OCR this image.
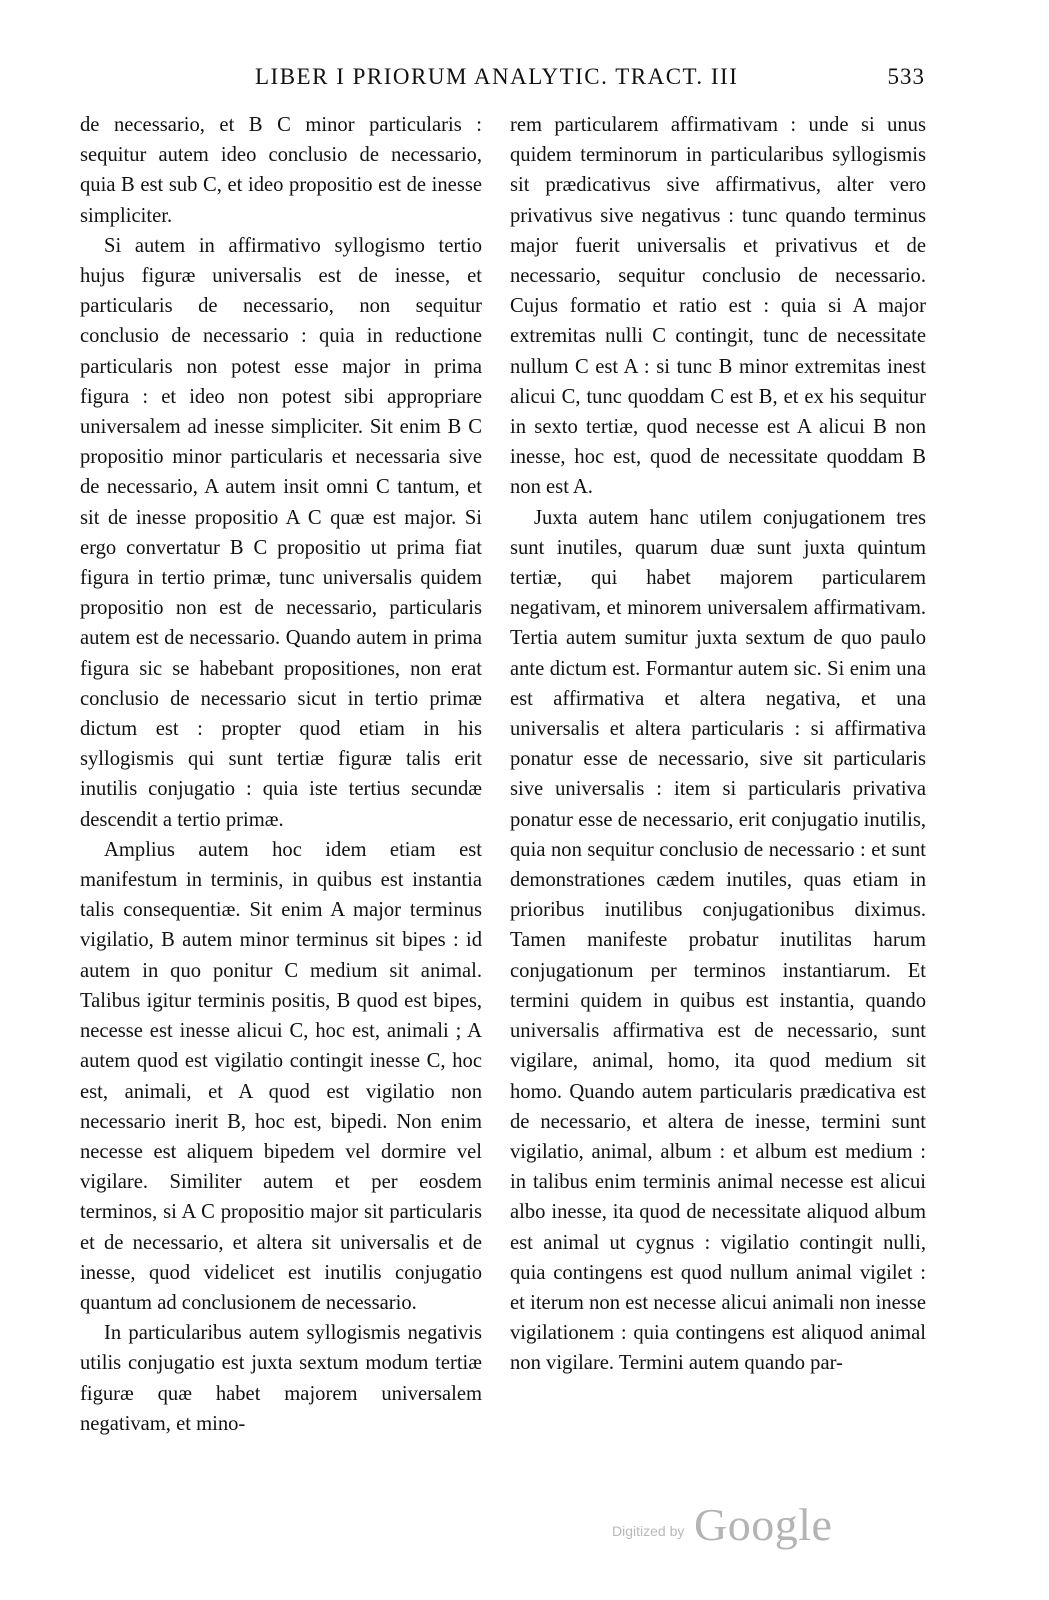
LIBER I PRIORUM ANALYTIC. TRACT. III	533

de necessario, et B C minor particularis : sequitur autem ideo conclusio de necessario, quia B est sub C, et ideo propositio est de inesse simpliciter.

Si autem in affirmativo syllogismo tertio hujus figuræ universalis est de inesse, et particularis de necessario, non sequitur conclusio de necessario : quia in reductione particularis non potest esse major in prima figura : et ideo non potest sibi appropriare universalem ad inesse simpliciter. Sit enim B C propositio minor particularis et necessaria sive de necessario, A autem insit omni C tantum, et sit de inesse propositio A C quæ est major. Si ergo convertatur B C propositio ut prima fiat figura in tertio primæ, tunc universalis quidem propositio non est de necessario, particularis autem est de necessario. Quando autem in prima figura sic se habebant propositiones, non erat conclusio de necessario sicut in tertio primæ dictum est : propter quod etiam in his syllogismis qui sunt tertiæ figuræ talis erit inutilis conjugatio : quia iste tertius secundæ descendit a tertio primæ.

Amplius autem hoc idem etiam est manifestum in terminis, in quibus est instantia talis consequentiæ. Sit enim A major terminus vigilatio, B autem minor terminus sit bipes : id autem in quo ponitur C medium sit animal. Talibus igitur terminis positis, B quod est bipes, necesse est inesse alicui C, hoc est, animali ; A autem quod est vigilatio contingit inesse C, hoc est, animali, et A quod est vigilatio non necessario inerit B, hoc est, bipedi. Non enim necesse est aliquem bipedem vel dormire vel vigilare. Similiter autem et per eosdem terminos, si A C propositio major sit particularis et de necessario, et altera sit universalis et de inesse, quod videlicet est inutilis conjugatio quantum ad conclusionem de necessario.

In particularibus autem syllogismis negativis utilis conjugatio est juxta sextum modum tertiæ figuræ quæ habet majorem universalem negativam, et mino-

rem particularem affirmativam : unde si unus quidem terminorum in particularibus syllogismis sit prædicativus sive affirmativus, alter vero privativus sive negativus : tunc quando terminus major fuerit universalis et privativus et de necessario, sequitur conclusio de necessario. Cujus formatio et ratio est : quia si A major extremitas nulli C contingit, tunc de necessitate nullum C est A : si tunc B minor extremitas inest alicui C, tunc quoddam C est B, et ex his sequitur in sexto tertiæ, quod necesse est A alicui B non inesse, hoc est, quod de necessitate quoddam B non est A.

Juxta autem hanc utilem conjugationem tres sunt inutiles, quarum duæ sunt juxta quintum tertiæ, qui habet majorem particularem negativam, et minorem universalem affirmativam. Tertia autem sumitur juxta sextum de quo paulo ante dictum est. Formantur autem sic. Si enim una est affirmativa et altera negativa, et una universalis et altera particularis : si affirmativa ponatur esse de necessario, sive sit particularis sive universalis : item si particularis privativa ponatur esse de necessario, erit conjugatio inutilis, quia non sequitur conclusio de necessario : et sunt demonstrationes cædem inutiles, quas etiam in prioribus inutilibus conjugationibus diximus. Tamen manifeste probatur inutilitas harum conjugationum per terminos instantiarum. Et termini quidem in quibus est instantia, quando universalis affirmativa est de necessario, sunt vigilare, animal, homo, ita quod medium sit homo. Quando autem particularis prædicativa est de necessario, et altera de inesse, termini sunt vigilatio, animal, album : et album est medium : in talibus enim terminis animal necesse est alicui albo inesse, ita quod de necessitate aliquod album est animal ut cygnus : vigilatio contingit nulli, quia contingens est quod nullum animal vigilet : et iterum non est necesse alicui animali non inesse vigilationem : quia contingens est aliquod animal non vigilare. Termini autem quando par-

Digitized by Google
